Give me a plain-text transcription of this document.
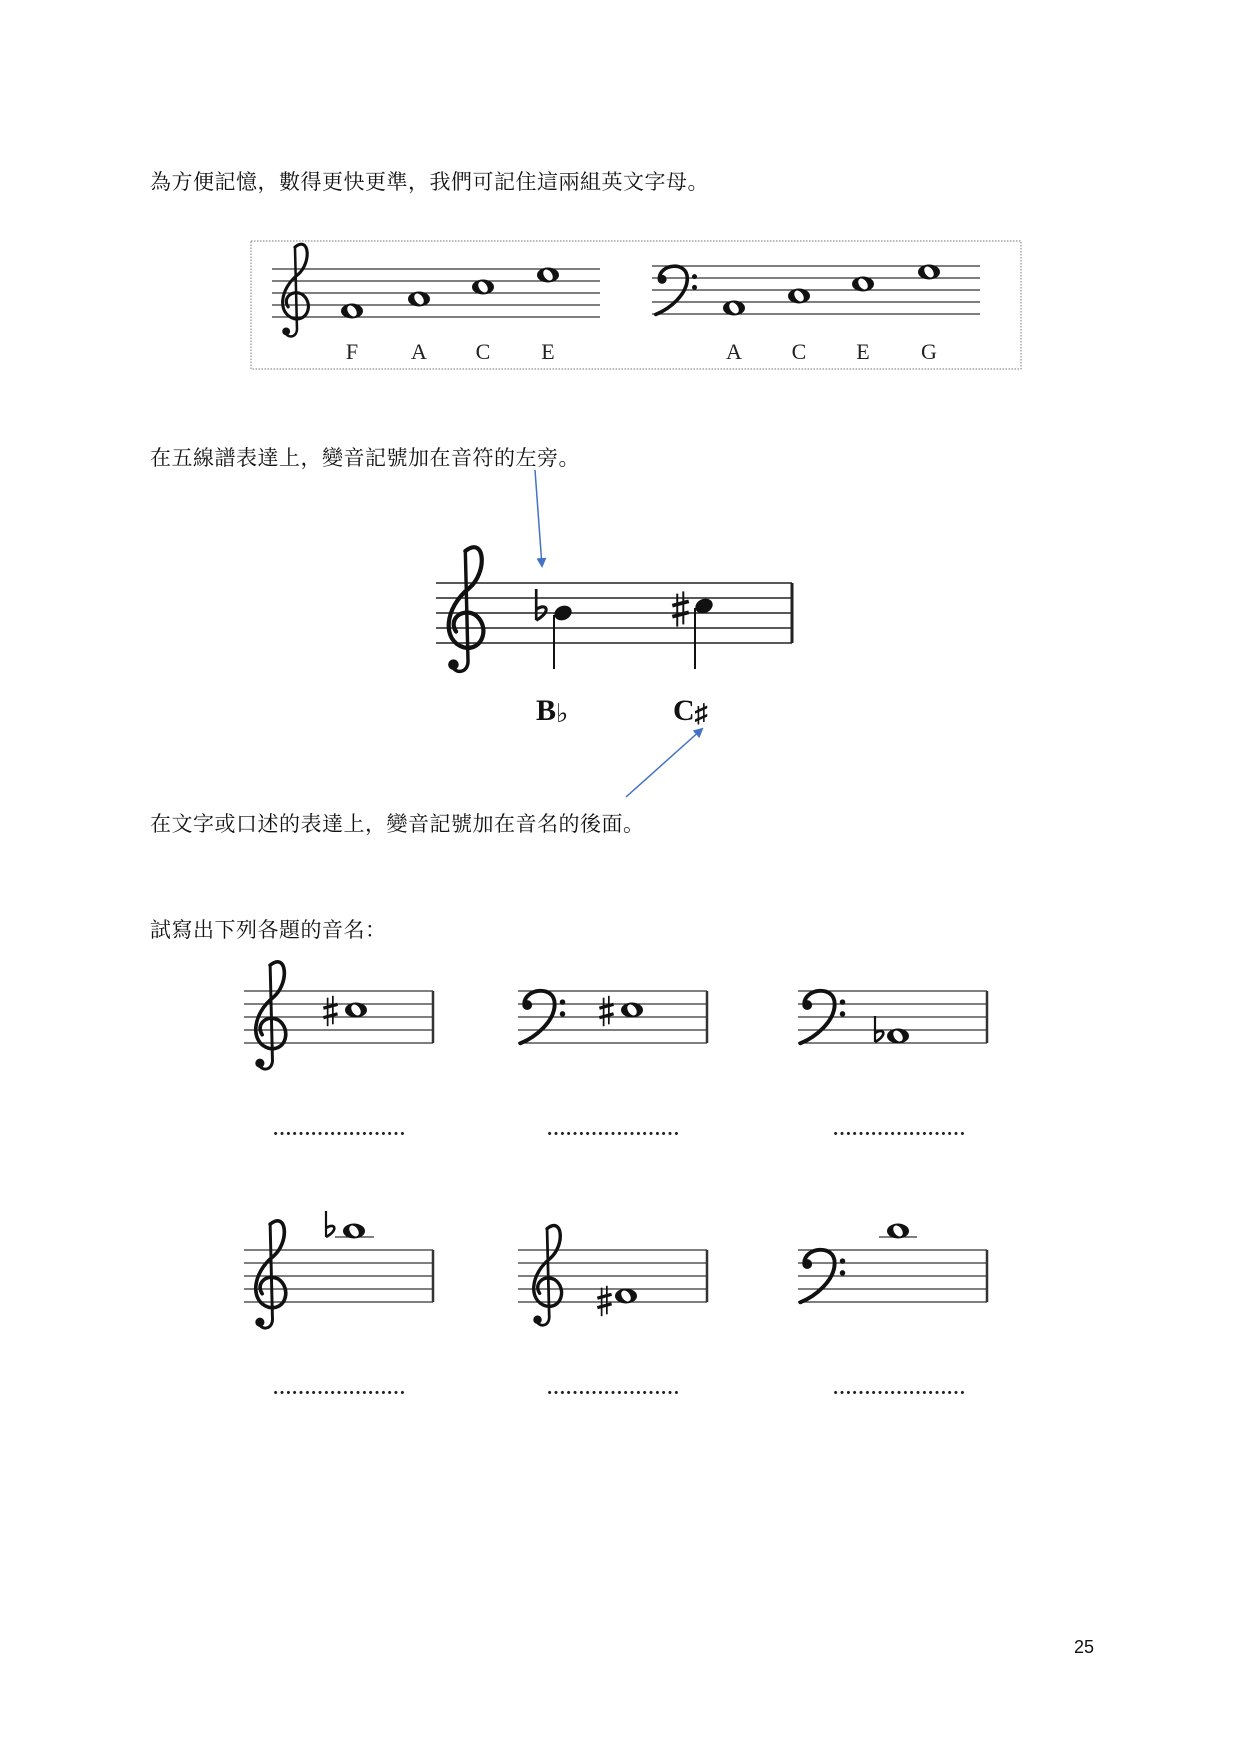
為方便記憶，數得更快更準，我們可記住這兩組英文字母。
在五線譜表達上，變音記號加在音符的左旁。
在文字或口述的表達上，變音記號加在音名的後面。
試寫出下列各題的音名：
F A C E	A C E G
B♭	C♯
…………………	…………………	…………………
…………………	…………………	…………………
25
